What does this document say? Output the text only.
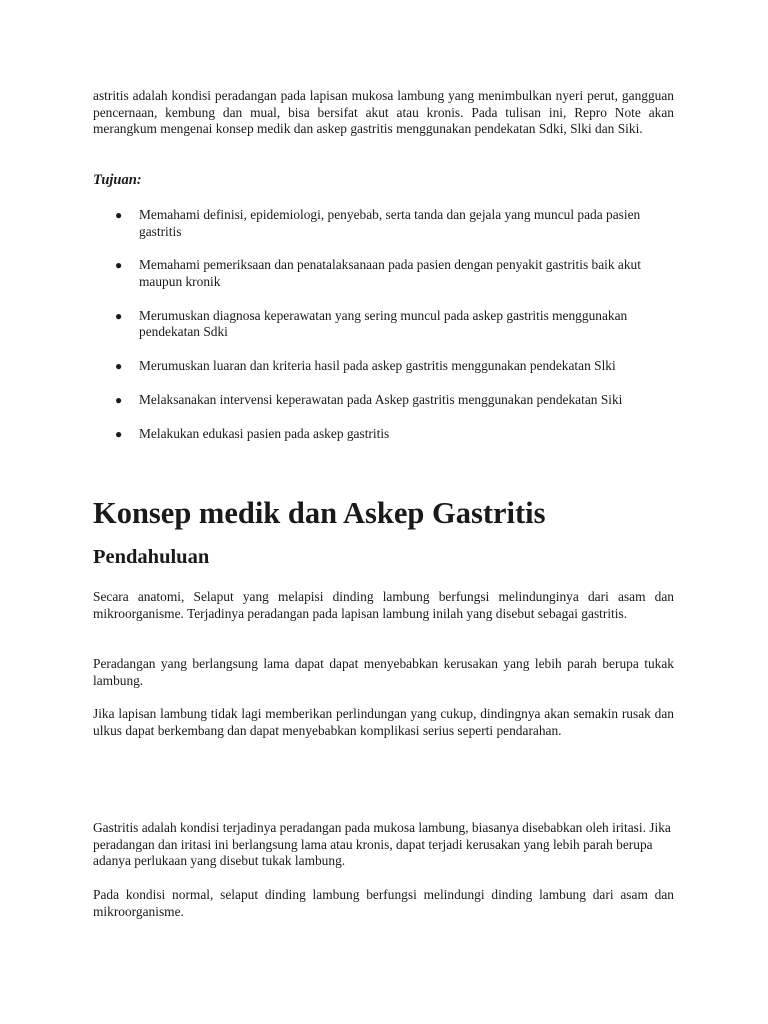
astritis adalah kondisi peradangan pada lapisan mukosa lambung yang menimbulkan nyeri perut, gangguan pencernaan, kembung dan mual, bisa bersifat akut atau kronis. Pada tulisan ini, Repro Note akan merangkum mengenai konsep medik dan askep gastritis menggunakan pendekatan Sdki, Slki dan Siki.

Tujuan:
● Memahami definisi, epidemiologi, penyebab, serta tanda dan gejala yang muncul pada pasien gastritis
● Memahami pemeriksaan dan penatalaksanaan pada pasien dengan penyakit gastritis baik akut maupun kronik
● Merumuskan diagnosa keperawatan yang sering muncul pada askep gastritis menggunakan pendekatan Sdki
● Merumuskan luaran dan kriteria hasil pada askep gastritis menggunakan pendekatan Slki
● Melaksanakan intervensi keperawatan pada Askep gastritis menggunakan pendekatan Siki
● Melakukan edukasi pasien pada askep gastritis
Konsep medik dan Askep Gastritis
Pendahuluan

Secara anatomi, Selaput yang melapisi dinding lambung berfungsi melindunginya dari asam dan mikroorganisme. Terjadinya peradangan pada lapisan lambung inilah yang disebut sebagai gastritis.

Peradangan yang berlangsung lama dapat dapat menyebabkan kerusakan yang lebih parah berupa tukak lambung.

Jika lapisan lambung tidak lagi memberikan perlindungan yang cukup, dindingnya akan semakin rusak dan ulkus dapat berkembang dan dapat menyebabkan komplikasi serius seperti pendarahan.

Gastritis adalah kondisi terjadinya peradangan pada mukosa lambung, biasanya disebabkan oleh iritasi. Jika peradangan dan iritasi ini berlangsung lama atau kronis, dapat terjadi kerusakan yang lebih parah berupa adanya perlukaan yang disebut tukak lambung.

Pada kondisi normal, selaput dinding lambung berfungsi melindungi dinding lambung dari asam dan mikroorganisme.
